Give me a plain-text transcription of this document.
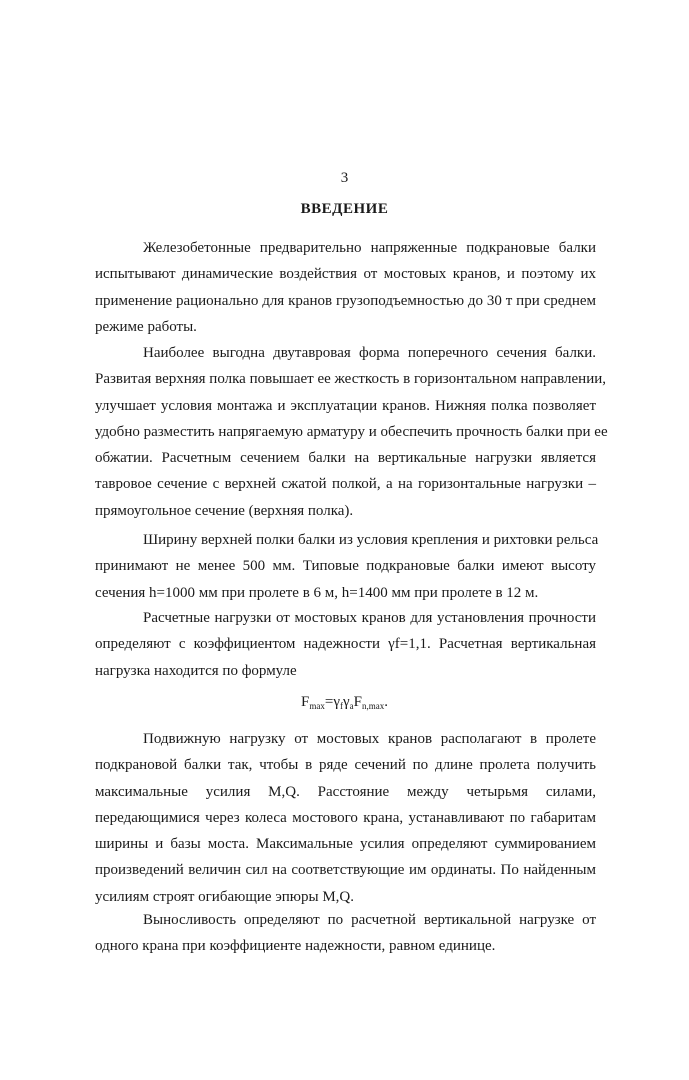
3
ВВЕДЕНИЕ
Железобетонные предварительно напряженные подкрановые балки
испытывают динамические воздействия от мостовых кранов, и поэтому их
применение рационально для кранов грузоподъемностью до 30 т при среднем
режиме работы.
Наиболее выгодна двутавровая форма поперечного сечения балки.
Развитая верхняя полка повышает ее жесткость в горизонтальном направлении,
улучшает условия монтажа и эксплуатации кранов. Нижняя полка позволяет
удобно разместить напрягаемую арматуру и обеспечить прочность балки при ее
обжатии. Расчетным сечением балки на вертикальные нагрузки является
тавровое сечение с верхней сжатой полкой, а на горизонтальные нагрузки –
прямоугольное сечение (верхняя полка).
Ширину верхней полки балки из условия крепления и рихтовки рельса
принимают не менее 500 мм. Типовые подкрановые балки имеют высоту
сечения h=1000 мм при пролете в 6 м, h=1400 мм при пролете в 12 м.
Расчетные нагрузки от мостовых кранов для установления прочности
определяют с коэффициентом надежности γf=1,1. Расчетная вертикальная
нагрузка находится по формуле
$F_{max}=\gamma_f\gamma_aF_{n,max}$.
Подвижную нагрузку от мостовых кранов располагают в пролете
подкрановой балки так, чтобы в ряде сечений по длине пролета получить
максимальные усилия М,Q. Расстояние между четырьмя силами,
передающимися через колеса мостового крана, устанавливают по габаритам
ширины и базы моста. Максимальные усилия определяют суммированием
произведений величин сил на соответствующие им ординаты. По найденным
усилиям строят огибающие эпюры М,Q.
Выносливость определяют по расчетной вертикальной нагрузке от
одного крана при коэффициенте надежности, равном единице.
